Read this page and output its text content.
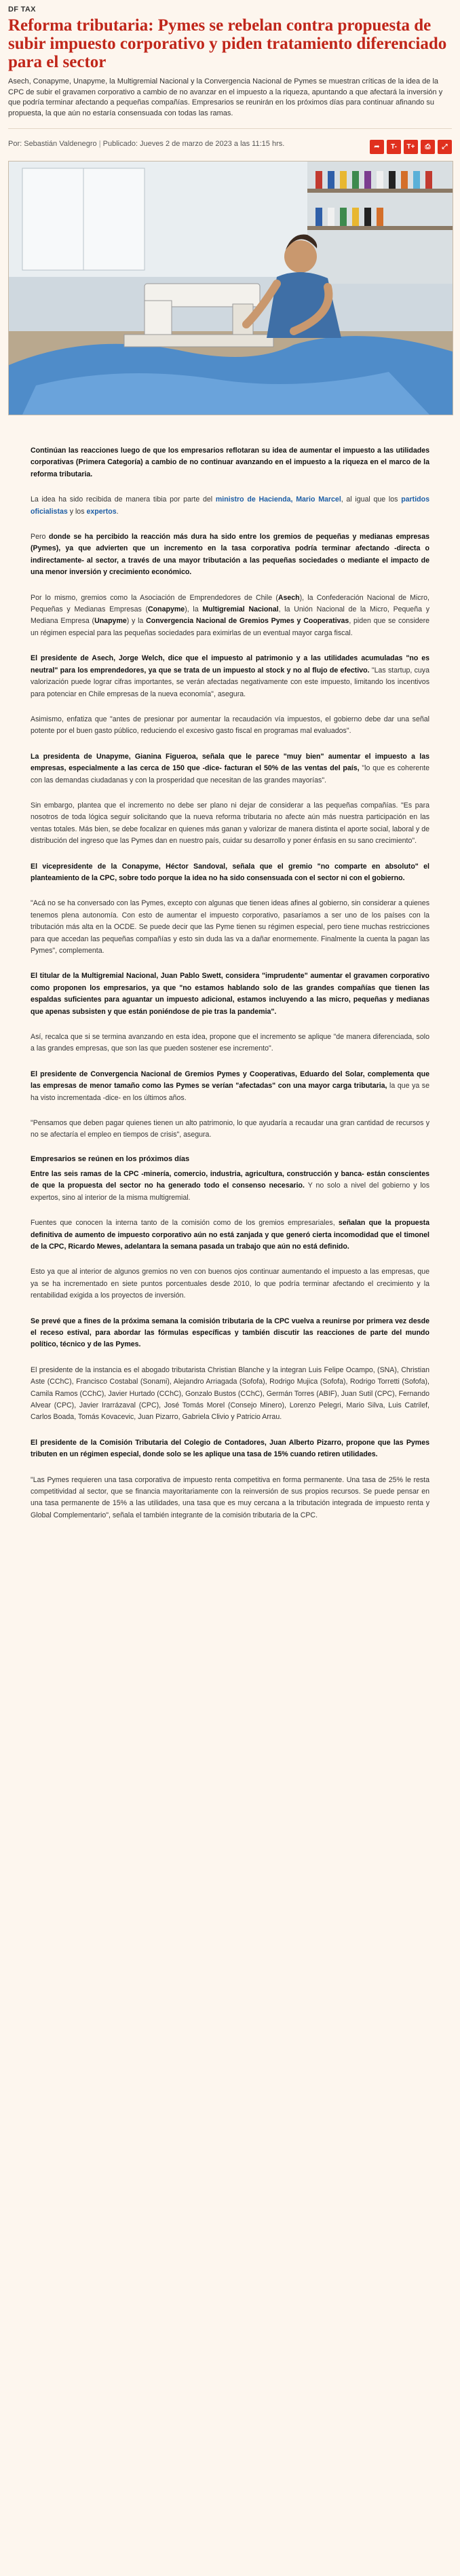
DF TAX
Reforma tributaria: Pymes se rebelan contra propuesta de subir impuesto corporativo y piden tratamiento diferenciado para el sector
Asech, Conapyme, Unapyme, la Multigremial Nacional y la Convergencia Nacional de Pymes se muestran críticas de la idea de la CPC de subir el gravamen corporativo a cambio de no avanzar en el impuesto a la riqueza, apuntando a que afectará la inversión y que podría terminar afectando a pequeñas compañías. Empresarios se reunirán en los próximos días para continuar afinando su propuesta, la que aún no estaría consensuada con todas las ramas.
Por: Sebastián Valdenegro | Publicado: Jueves 2 de marzo de 2023 a las 11:15 hrs.	➦	T-	T+	⎙	⤢

Continúan las reacciones luego de que los empresarios reflotaran su idea de aumentar el impuesto a las utilidades corporativas (Primera Categoría) a cambio de no continuar avanzando en el impuesto a la riqueza en el marco de la reforma tributaria.

La idea ha sido recibida de manera tibia por parte del ministro de Hacienda, Mario Marcel, al igual que los partidos oficialistas y los expertos.

Pero donde se ha percibido la reacción más dura ha sido entre los gremios de pequeñas y medianas empresas (Pymes), ya que advierten que un incremento en la tasa corporativa podría terminar afectando -directa o indirectamente- al sector, a través de una mayor tributación a las pequeñas sociedades o mediante el impacto de una menor inversión y crecimiento económico.

Por lo mismo, gremios como la Asociación de Emprendedores de Chile (Asech), la Confederación Nacional de Micro, Pequeñas y Medianas Empresas (Conapyme), la Multigremial Nacional, la Unión Nacional de la Micro, Pequeña y Mediana Empresa (Unapyme) y la Convergencia Nacional de Gremios Pymes y Cooperativas, piden que se considere un régimen especial para las pequeñas sociedades para eximirlas de un eventual mayor carga fiscal.

El presidente de Asech, Jorge Welch, dice que el impuesto al patrimonio y a las utilidades acumuladas "no es neutral" para los emprendedores, ya que se trata de un impuesto al stock y no al flujo de efectivo. "Las startup, cuya valorización puede lograr cifras importantes, se verán afectadas negativamente con este impuesto, limitando los incentivos para potenciar en Chile empresas de la nueva economía", asegura.

Asimismo, enfatiza que "antes de presionar por aumentar la recaudación vía impuestos, el gobierno debe dar una señal potente por el buen gasto público, reduciendo el excesivo gasto fiscal en programas mal evaluados".

La presidenta de Unapyme, Gianina Figueroa, señala que le parece "muy bien" aumentar el impuesto a las empresas, especialmente a las cerca de 150 que -dice- facturan el 50% de las ventas del país, "lo que es coherente con las demandas ciudadanas y con la prosperidad que necesitan de las grandes mayorías".

Sin embargo, plantea que el incremento no debe ser plano ni dejar de considerar a las pequeñas compañías. "Es para nosotros de toda lógica seguir solicitando que la nueva reforma tributaria no afecte aún más nuestra participación en las ventas totales. Más bien, se debe focalizar en quienes más ganan y valorizar de manera distinta el aporte social, laboral y de distribución del ingreso que las Pymes dan en nuestro país, cuidar su desarrollo y poner énfasis en su sano crecimiento".

El vicepresidente de la Conapyme, Héctor Sandoval, señala que el gremio "no comparte en absoluto" el planteamiento de la CPC, sobre todo porque la idea no ha sido consensuada con el sector ni con el gobierno.

"Acá no se ha conversado con las Pymes, excepto con algunas que tienen ideas afines al gobierno, sin considerar a quienes tenemos plena autonomía. Con esto de aumentar el impuesto corporativo, pasaríamos a ser uno de los países con la tributación más alta en la OCDE. Se puede decir que las Pyme tienen su régimen especial, pero tiene muchas restricciones para que accedan las pequeñas compañías y esto sin duda las va a dañar enormemente. Finalmente la cuenta la pagan las Pymes", complementa.

El titular de la Multigremial Nacional, Juan Pablo Swett, considera "imprudente" aumentar el gravamen corporativo como proponen los empresarios, ya que "no estamos hablando solo de las grandes compañías que tienen las espaldas suficientes para aguantar un impuesto adicional, estamos incluyendo a las micro, pequeñas y medianas que apenas subsisten y que están poniéndose de pie tras la pandemia".

Así, recalca que si se termina avanzando en esta idea, propone que el incremento se aplique "de manera diferenciada, solo a las grandes empresas, que son las que pueden sostener ese incremento".

El presidente de Convergencia Nacional de Gremios Pymes y Cooperativas, Eduardo del Solar, complementa que las empresas de menor tamaño como las Pymes se verían "afectadas" con una mayor carga tributaria, la que ya se ha visto incrementada -dice- en los últimos años.

"Pensamos que deben pagar quienes tienen un alto patrimonio, lo que ayudaría a recaudar una gran cantidad de recursos y no se afectaría el empleo en tiempos de crisis", asegura.

Empresarios se reúnen en los próximos días

Entre las seis ramas de la CPC -minería, comercio, industria, agricultura, construcción y banca- están conscientes de que la propuesta del sector no ha generado todo el consenso necesario. Y no solo a nivel del gobierno y los expertos, sino al interior de la misma multigremial.

Fuentes que conocen la interna tanto de la comisión como de los gremios empresariales, señalan que la propuesta definitiva de aumento de impuesto corporativo aún no está zanjada y que generó cierta incomodidad que el timonel de la CPC, Ricardo Mewes, adelantara la semana pasada un trabajo que aún no está definido.

Esto ya que al interior de algunos gremios no ven con buenos ojos continuar aumentando el impuesto a las empresas, que ya se ha incrementado en siete puntos porcentuales desde 2010, lo que podría terminar afectando el crecimiento y la rentabilidad exigida a los proyectos de inversión.

Se prevé que a fines de la próxima semana la comisión tributaria de la CPC vuelva a reunirse por primera vez desde el receso estival, para abordar las fórmulas específicas y también discutir las reacciones de parte del mundo político, técnico y de las Pymes.

El presidente de la instancia es el abogado tributarista Christian Blanche y la integran Luis Felipe Ocampo, (SNA), Christian Aste (CChC), Francisco Costabal (Sonami), Alejandro Arriagada (Sofofa), Rodrigo Mujica (Sofofa), Rodrigo Torretti (Sofofa), Camila Ramos (CChC), Javier Hurtado (CChC), Gonzalo Bustos (CChC), Germán Torres (ABIF), Juan Sutil (CPC), Fernando Alvear (CPC), Javier Irarrázaval (CPC), José Tomás Morel (Consejo Minero), Lorenzo Pelegri, Mario Silva, Luis Catrilef, Carlos Boada, Tomás Kovacevic, Juan Pizarro, Gabriela Clivio y Patricio Arrau.

El presidente de la Comisión Tributaria del Colegio de Contadores, Juan Alberto Pizarro, propone que las Pymes tributen en un régimen especial, donde solo se les aplique una tasa de 15% cuando retiren utilidades.

"Las Pymes requieren una tasa corporativa de impuesto renta competitiva en forma permanente. Una tasa de 25% le resta competitividad al sector, que se financia mayoritariamente con la reinversión de sus propios recursos. Se puede pensar en una tasa permanente de 15% a las utilidades, una tasa que es muy cercana a la tributación integrada de impuesto renta y Global Complementario", señala el también integrante de la comisión tributaria de la CPC.
